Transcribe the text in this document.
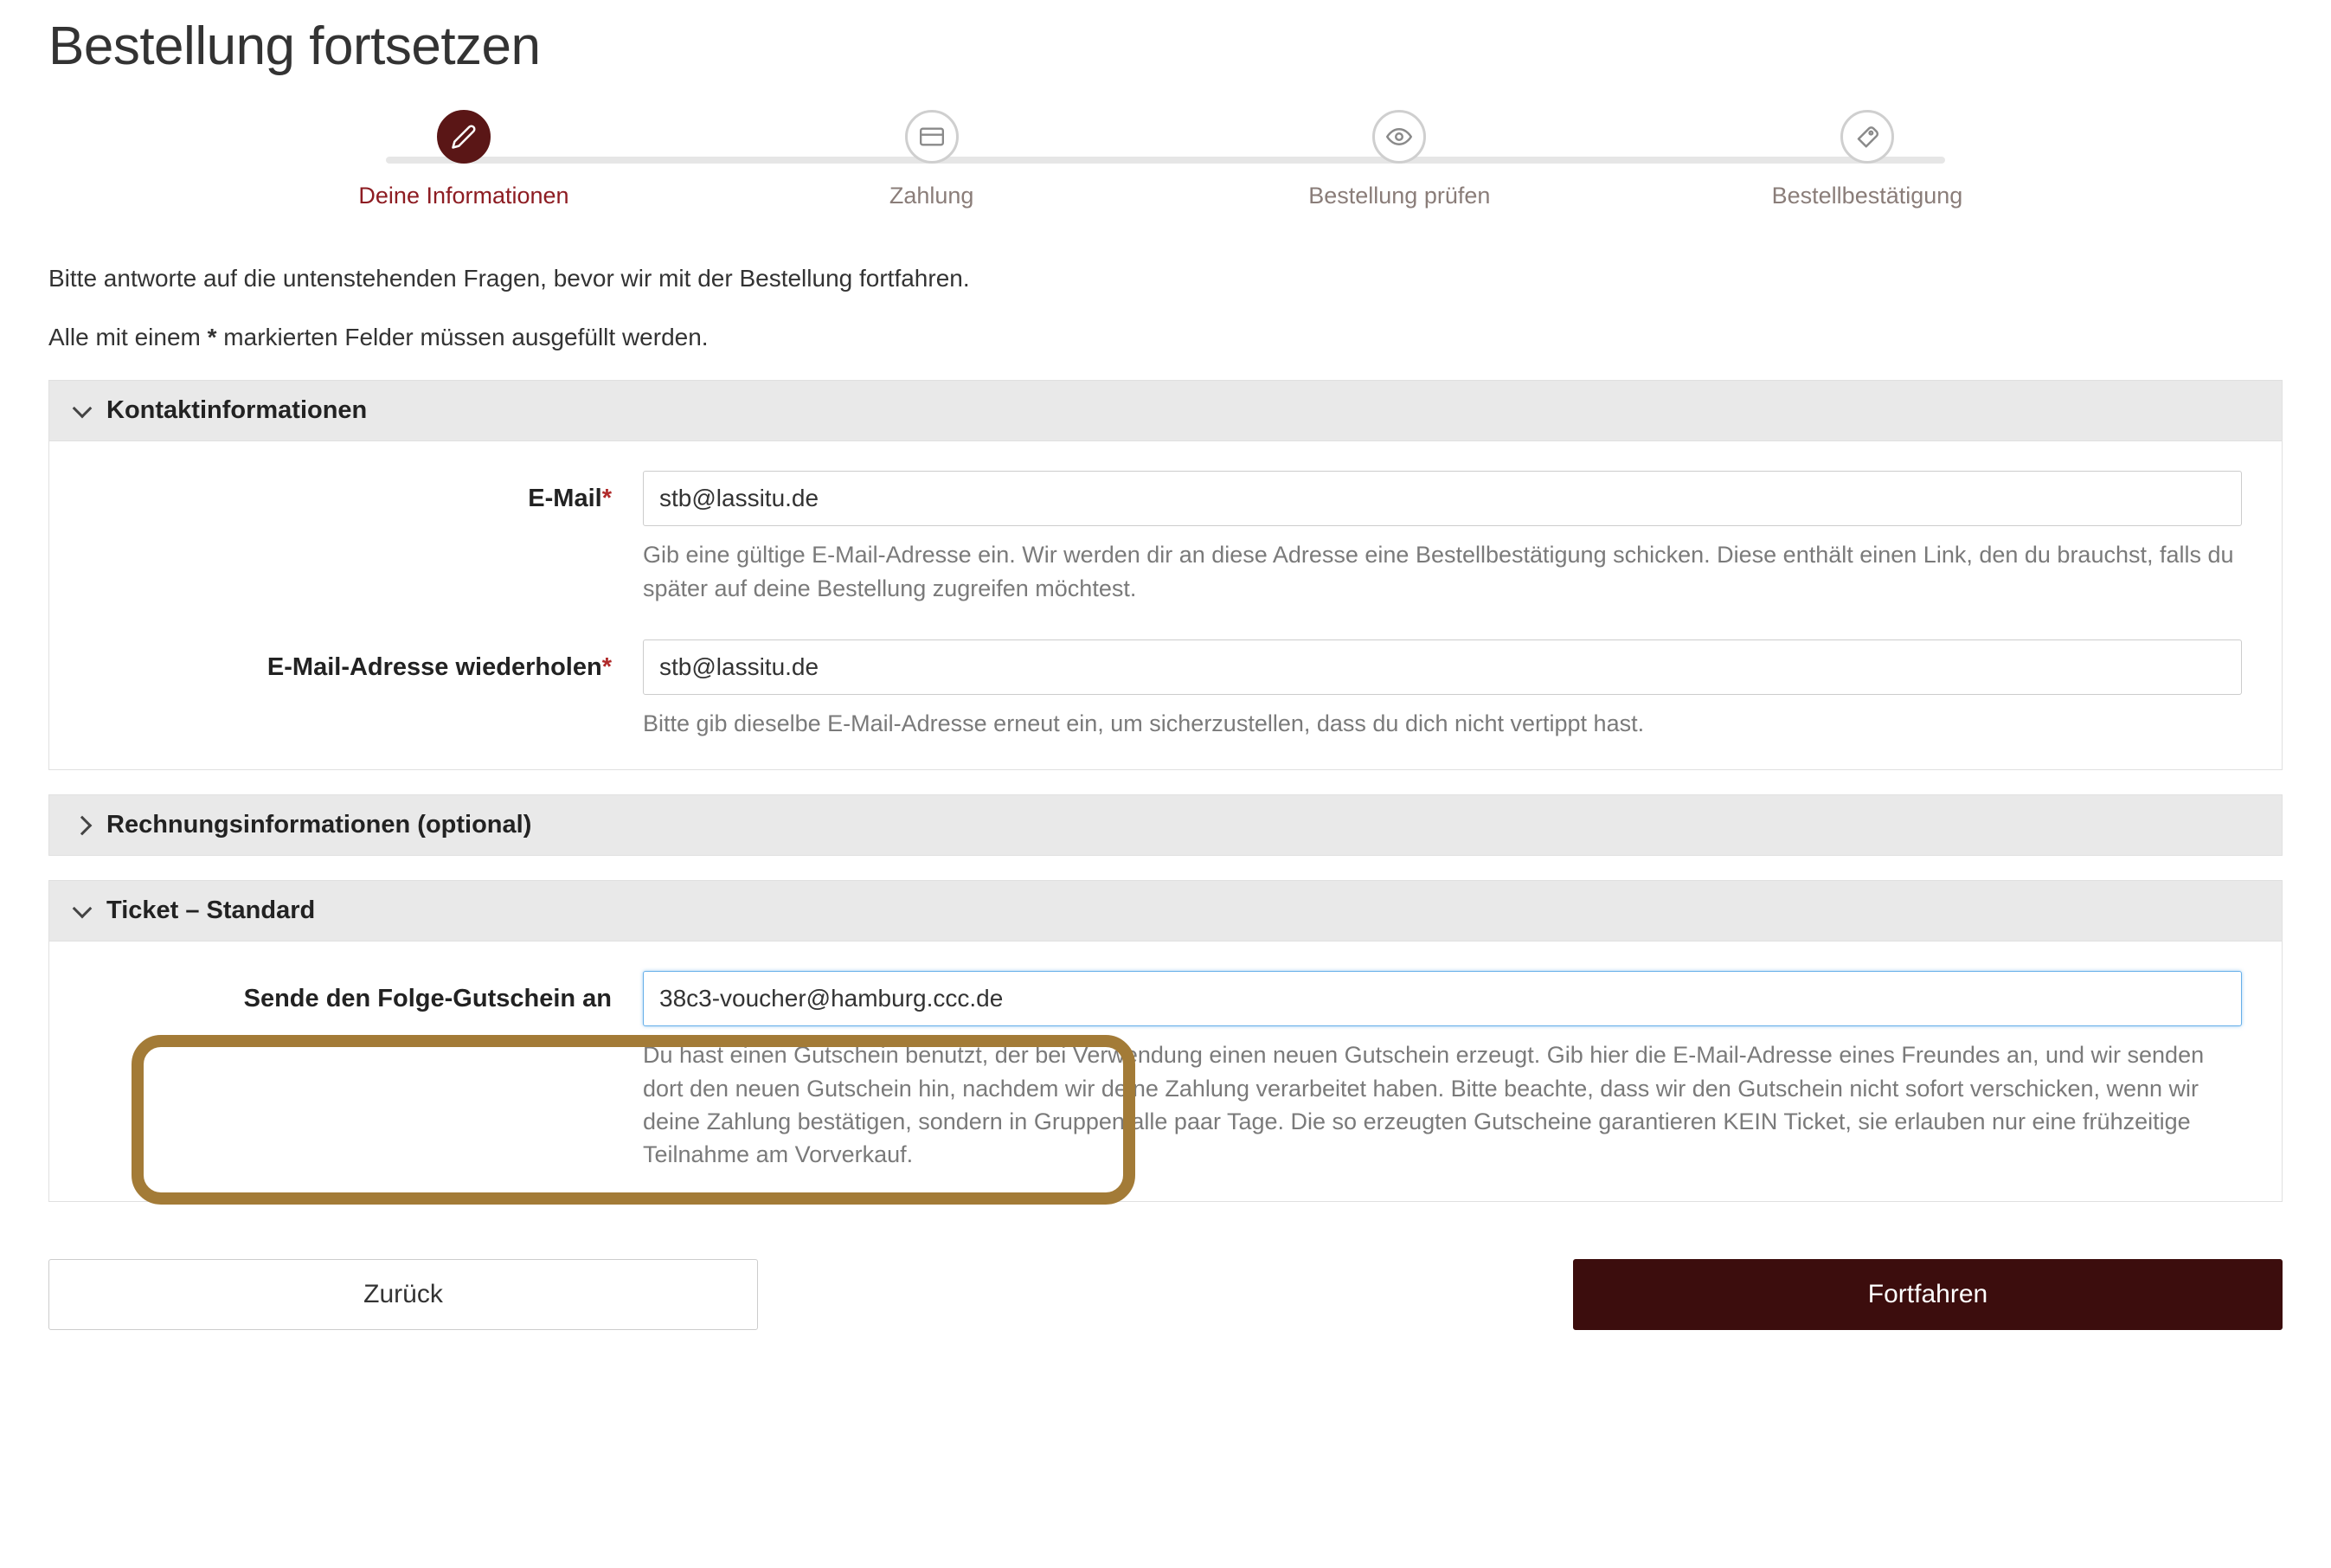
Bestellung fortsetzen
Deine Informationen	Zahlung	Bestellung prüfen	Bestellbestätigung

Bitte antworte auf die untenstehenden Fragen, bevor wir mit der Bestellung fortfahren.

Alle mit einem * markierten Felder müssen ausgefüllt werden.

Kontaktinformationen
E-Mail*
stb@lassitu.de
Gib eine gültige E-Mail-Adresse ein. Wir werden dir an diese Adresse eine Bestellbestätigung schicken. Diese enthält einen Link, den du brauchst, falls du später auf deine Bestellung zugreifen möchtest.
E-Mail-Adresse wiederholen*
stb@lassitu.de
Bitte gib dieselbe E-Mail-Adresse erneut ein, um sicherzustellen, dass du dich nicht vertippt hast.
Rechnungsinformationen (optional)
Ticket – Standard
Sende den Folge-Gutschein an
38c3-voucher@hamburg.ccc.de
Du hast einen Gutschein benutzt, der bei Verwendung einen neuen Gutschein erzeugt. Gib hier die E-Mail-Adresse eines Freundes an, und wir senden dort den neuen Gutschein hin, nachdem wir deine Zahlung verarbeitet haben. Bitte beachte, dass wir den Gutschein nicht sofort verschicken, wenn wir deine Zahlung bestätigen, sondern in Gruppen alle paar Tage. Die so erzeugten Gutscheine garantieren KEIN Ticket, sie erlauben nur eine frühzeitige Teilnahme am Vorverkauf.
Zurück	Fortfahren
